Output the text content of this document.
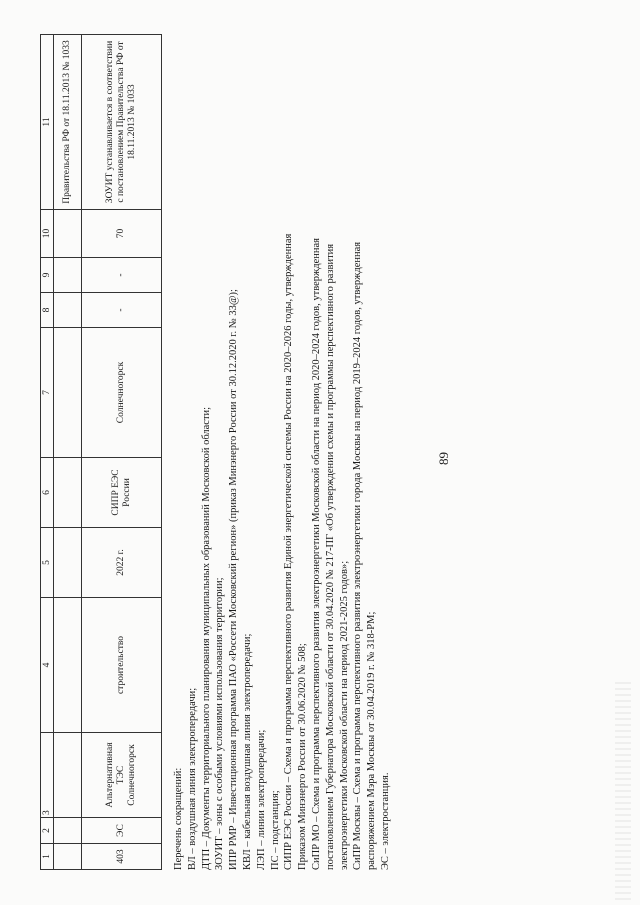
89
1	2	3	4	5	6	7	8	9	10	11
										Правительства РФ от 18.11.2013 № 1033
403	ЭС	Альтернативная ТЭС Солнечногорск	строительство	2022 г.	СИПР ЕЭС России	Солнечногорск	-	-	70	ЗОУИТ устанавливается в соответствии с постановлением Правительства РФ от 18.11.2013 № 1033
Перечень сокращений: ВЛ – воздушная линия электропередачи; ДТП – Документы территориального планирования муниципальных образований Московской области; ЗОУИТ – зоны с особыми условиями использования территории; ИПР РМР – Инвестиционная программа ПАО «Россети Московский регион» (приказ Минэнерго России от 30.12.2020 г. № 33@); КВЛ – кабельная воздушная линия электропередачи; ЛЭП – линии электропередачи; ПС – подстанция; СИПР ЕЭС России – Схема и программа перспективного развития Единой энергетической системы России на 2020–2026 годы, утвержденная Приказом Минэнерго России от 30.06.2020 № 508; СиПР МО – Схема и программа перспективного развития электроэнергетики Московской области на период 2020–2024 годов, утвержденная постановлением Губернатора Московской области от 30.04.2020 № 217-ПГ «Об утверждении схемы и программы перспективного развития электроэнергетики Московской области на период 2021-2025 годов»; СиПР Москвы – Схема и программа перспективного развития электроэнергетики города Москвы на период 2019–2024 годов, утвержденная распоряжением Мэра Москвы от 30.04.2019 г. № 318-РМ; ЭС – электростанция.
